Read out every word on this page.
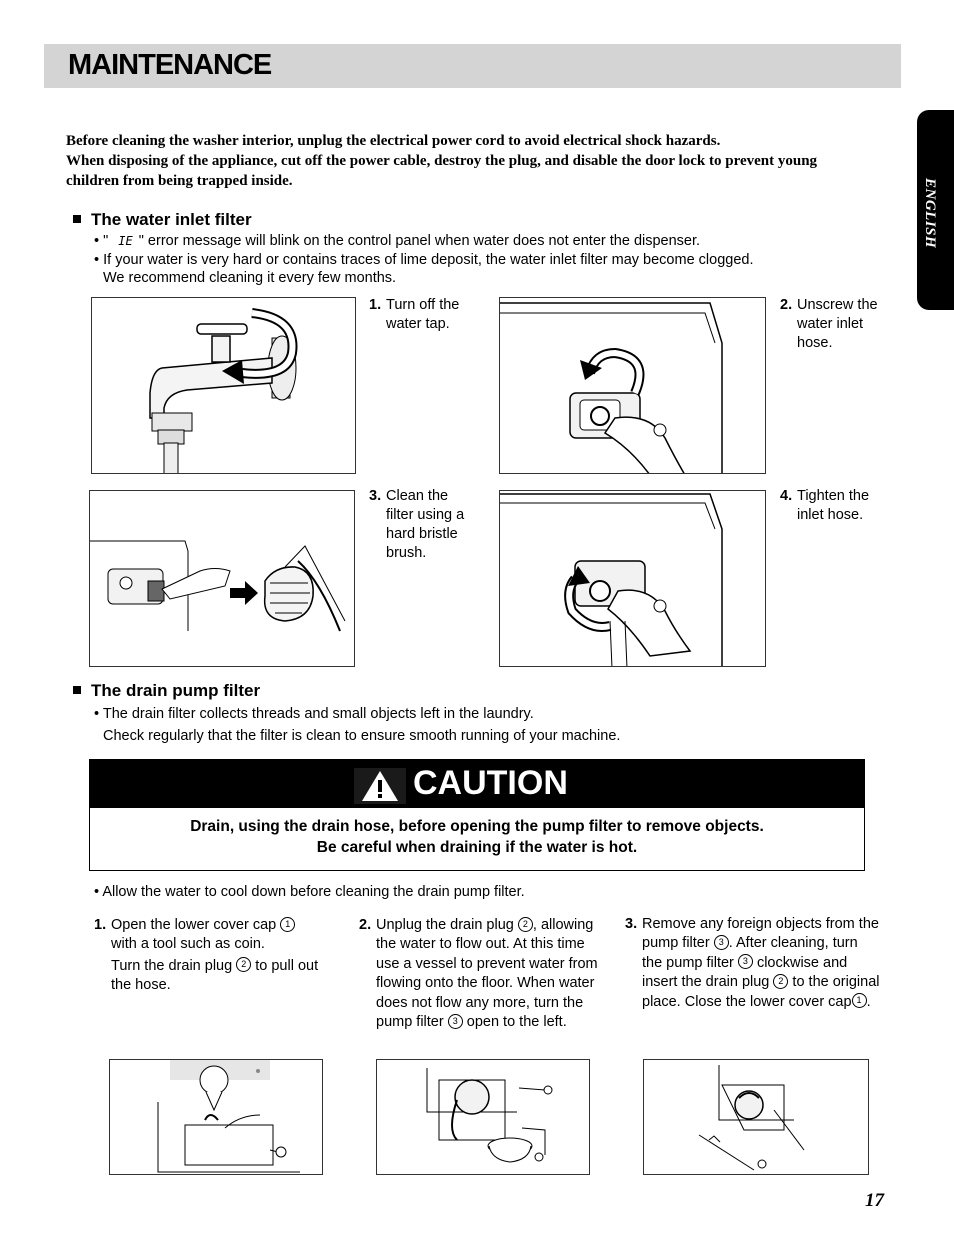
MAINTENANCE
ENGLISH
Before cleaning the washer interior, unplug the electrical power cord to avoid electrical shock hazards.
When disposing of the appliance, cut off the power cable, destroy the plug, and disable the door lock to prevent young children from being trapped inside.
The water inlet filter
• " IE " error message will blink on the control panel when water does not enter the dispenser.
• If your water is very hard or contains traces of lime deposit, the water inlet filter may become clogged.
We recommend cleaning it every few months.
1. Turn off the water tap.
2. Unscrew the water inlet hose.
3. Clean the filter using a hard bristle brush.
4. Tighten the inlet hose.
The drain pump filter
• The drain filter collects threads and small objects left in the laundry.
Check regularly that the filter is clean to ensure smooth running of your machine.
CAUTION
Drain, using the drain hose, before opening the pump filter to remove objects.
Be careful when draining if the water is hot.
• Allow the water to cool down before cleaning the drain pump filter.
1. Open the lower cover cap 1 with a tool such as coin.
Turn the drain plug 2 to pull out the hose.
2. Unplug the drain plug 2 , allowing the water to flow out. At this time use a vessel to prevent water from flowing onto the floor. When water does not flow any more, turn the pump filter 3 open to the left.
3. Remove any foreign objects from the pump filter 3 . After cleaning, turn the pump filter 3 clockwise and insert the drain plug 2 to the original place. Close the lower cover cap 1 .
17
